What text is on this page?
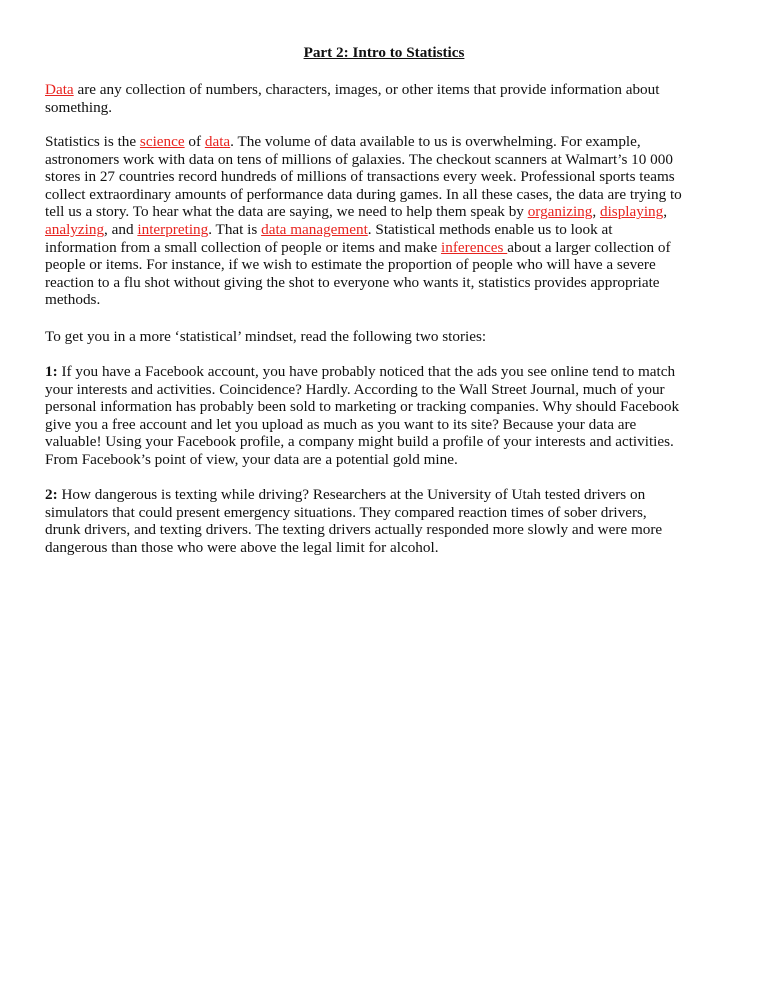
Part 2: Intro to Statistics
Data are any collection of numbers, characters, images, or other items that provide information about
something.
Statistics is the science of data. The volume of data available to us is overwhelming. For example,
astronomers work with data on tens of millions of galaxies. The checkout scanners at Walmart’s 10 000
stores in 27 countries record hundreds of millions of transactions every week. Professional sports teams
collect extraordinary amounts of performance data during games. In all these cases, the data are trying to
tell us a story. To hear what the data are saying, we need to help them speak by organizing, displaying,
analyzing, and interpreting. That is data management. Statistical methods enable us to look at
information from a small collection of people or items and make inferences about a larger collection of
people or items. For instance, if we wish to estimate the proportion of people who will have a severe
reaction to a flu shot without giving the shot to everyone who wants it, statistics provides appropriate
methods.
To get you in a more ‘statistical’ mindset, read the following two stories:
1: If you have a Facebook account, you have probably noticed that the ads you see online tend to match
your interests and activities. Coincidence? Hardly. According to the Wall Street Journal, much of your
personal information has probably been sold to marketing or tracking companies. Why should Facebook
give you a free account and let you upload as much as you want to its site? Because your data are
valuable! Using your Facebook profile, a company might build a profile of your interests and activities.
From Facebook’s point of view, your data are a potential gold mine.
2: How dangerous is texting while driving? Researchers at the University of Utah tested drivers on
simulators that could present emergency situations. They compared reaction times of sober drivers,
drunk drivers, and texting drivers. The texting drivers actually responded more slowly and were more
dangerous than those who were above the legal limit for alcohol.
